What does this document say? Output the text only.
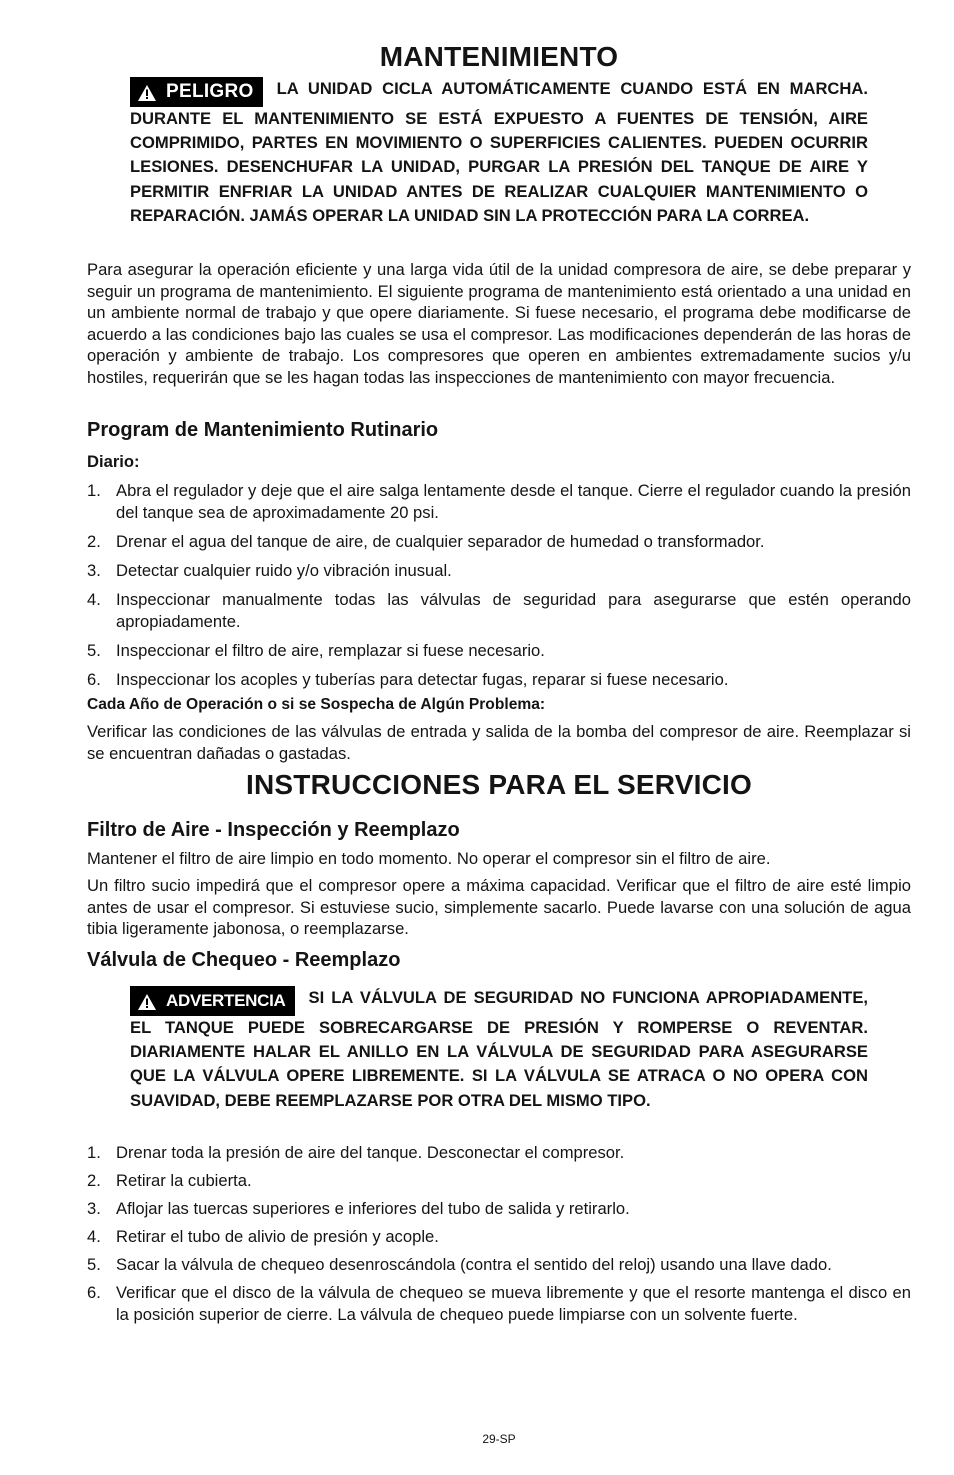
MANTENIMIENTO

PELIGRO LA UNIDAD CICLA AUTOMÁTICAMENTE CUANDO ESTÁ EN MARCHA. DURANTE EL MANTENIMIENTO SE ESTÁ EXPUESTO A FUENTES DE TENSIÓN, AIRE COMPRIMIDO, PARTES EN MOVIMIENTO O SUPERFICIES CALIENTES. PUEDEN OCURRIR LESIONES. DESENCHUFAR LA UNIDAD, PURGAR LA PRESIÓN DEL TANQUE DE AIRE Y PERMITIR ENFRIAR LA UNIDAD ANTES DE REALIZAR CUALQUIER MANTENIMIENTO O REPARACIÓN. JAMÁS OPERAR LA UNIDAD SIN LA PROTECCIÓN PARA LA CORREA.

Para asegurar la operación eficiente y una larga vida útil de la unidad compresora de aire, se debe preparar y seguir un programa de mantenimiento. El siguiente programa de mantenimiento está orientado a una unidad en un ambiente normal de trabajo y que opere diariamente. Si fuese necesario, el programa debe modificarse de acuerdo a las condiciones bajo las cuales se usa el compresor. Las modificaciones dependerán de las horas de operación y ambiente de trabajo. Los compresores que operen en ambientes extremadamente sucios y/u hostiles, requerirán que se les hagan todas las inspecciones de mantenimiento con mayor frecuencia.

Program de Mantenimiento Rutinario
Diario:
1. Abra el regulador y deje que el aire salga lentamente desde el tanque. Cierre el regulador cuando la presión del tanque sea de aproximadamente 20 psi.
2. Drenar el agua del tanque de aire, de cualquier separador de humedad o transformador.
3. Detectar cualquier ruido y/o vibración inusual.
4. Inspeccionar manualmente todas las válvulas de seguridad para asegurarse que estén operando apropiadamente.
5. Inspeccionar el filtro de aire, remplazar si fuese necesario.
6. Inspeccionar los acoples y tuberías para detectar fugas, reparar si fuese necesario.
Cada Año de Operación o si se Sospecha de Algún Problema:

Verificar las condiciones de las válvulas de entrada y salida de la bomba del compresor de aire. Reemplazar si se encuentran dañadas o gastadas.

INSTRUCCIONES PARA EL SERVICIO
Filtro de Aire - Inspección y Reemplazo

Mantener el filtro de aire limpio en todo momento. No operar el compresor sin el filtro de aire.

Un filtro sucio impedirá que el compresor opere a máxima capacidad. Verificar que el filtro de aire esté limpio antes de usar el compresor. Si estuviese sucio, simplemente sacarlo. Puede lavarse con una solución de agua tibia ligeramente jabonosa, o reemplazarse.

Válvula de Chequeo - Reemplazo

ADVERTENCIA SI LA VÁLVULA DE SEGURIDAD NO FUNCIONA APROPIADAMENTE, EL TANQUE PUEDE SOBRECARGARSE DE PRESIÓN Y ROMPERSE O REVENTAR. DIARIAMENTE HALAR EL ANILLO EN LA VÁLVULA DE SEGURIDAD PARA ASEGURARSE QUE LA VÁLVULA OPERE LIBREMENTE. SI LA VÁLVULA SE ATRACA O NO OPERA CON SUAVIDAD, DEBE REEMPLAZARSE POR OTRA DEL MISMO TIPO.

1. Drenar toda la presión de aire del tanque. Desconectar el compresor.
2. Retirar la cubierta.
3. Aflojar las tuercas superiores e inferiores del tubo de salida y retirarlo.
4. Retirar el tubo de alivio de presión y acople.
5. Sacar la válvula de chequeo desenroscándola (contra el sentido del reloj) usando una llave dado.
6. Verificar que el disco de la válvula de chequeo se mueva libremente y que el resorte mantenga el disco en la posición superior de cierre. La válvula de chequeo puede limpiarse con un solvente fuerte.
29-SP
